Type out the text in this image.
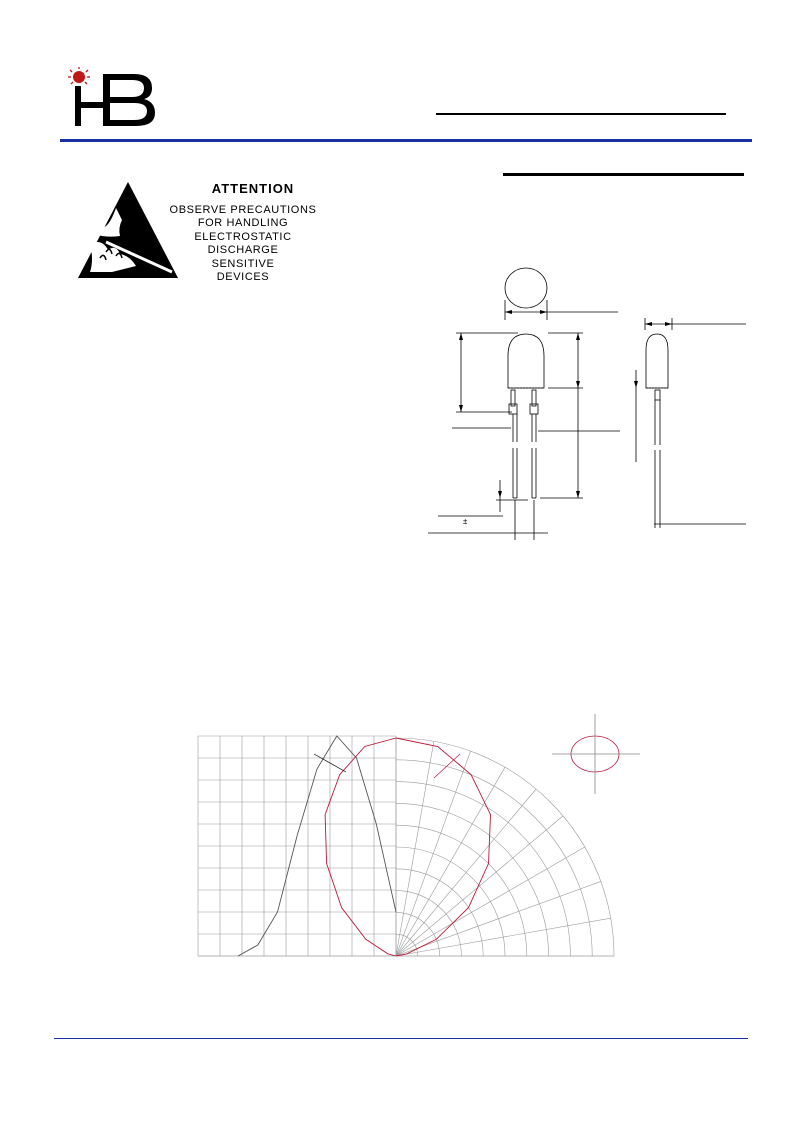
ATTENTION
OBSERVE PRECAUTIONS
FOR HANDLING
ELECTROSTATIC
DISCHARGE
SENSITIVE
DEVICES
±
